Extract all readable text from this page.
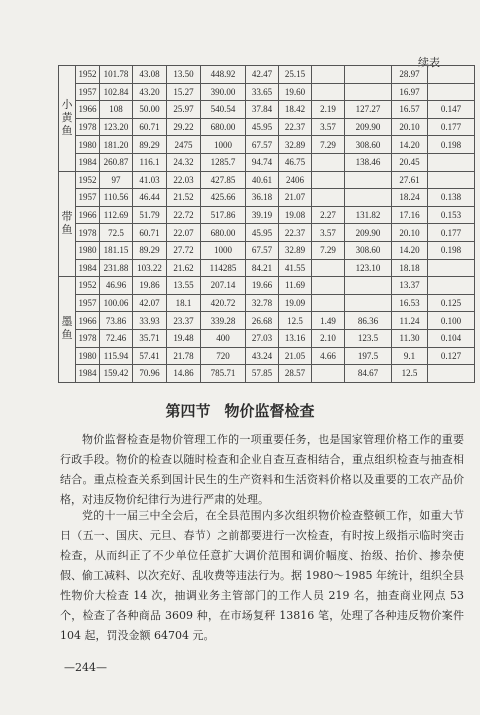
续表
小黄鱼	1952	101.78	43.08	13.50	448.92	42.47	25.15			28.97	
	1957	102.84	43.20	15.27	390.00	33.65	19.60			16.97	
	1966	108	50.00	25.97	540.54	37.84	18.42	2.19	127.27	16.57	0.147
	1978	123.20	60.71	29.22	680.00	45.95	22.37	3.57	209.90	20.10	0.177
	1980	181.20	89.29	2475	1000	67.57	32.89	7.29	308.60	14.20	0.198
	1984	260.87	116.1	24.32	1285.7	94.74	46.75		138.46	20.45	
带鱼	1952	97	41.03	22.03	427.85	40.61	2406			27.61	
	1957	110.56	46.44	21.52	425.66	36.18	21.07			18.24	0.138
	1966	112.69	51.79	22.72	517.86	39.19	19.08	2.27	131.82	17.16	0.153
	1978	72.5	60.71	22.07	680.00	45.95	22.37	3.57	209.90	20.10	0.177
	1980	181.15	89.29	27.72	1000	67.57	32.89	7.29	308.60	14.20	0.198
	1984	231.88	103.22	21.62	114285	84.21	41.55		123.10	18.18	
墨鱼	1952	46.96	19.86	13.55	207.14	19.66	11.69			13.37	
	1957	100.06	42.07	18.1	420.72	32.78	19.09			16.53	0.125
	1966	73.86	33.93	23.37	339.28	26.68	12.5	1.49	86.36	11.24	0.100
	1978	72.46	35.71	19.48	400	27.03	13.16	2.10	123.5	11.30	0.104
	1980	115.94	57.41	21.78	720	43.24	21.05	4.66	197.5	9.1	0.127
	1984	159.42	70.96	14.86	785.71	57.85	28.57		84.67	12.5	
第四节 物价监督检查

物价监督检查是物价管理工作的一项重要任务，也是国家管理价格工作的重要行政手段。物价的检查以随时检查和企业自查互查相结合，重点组织检查与抽查相结合。重点检查关系到国计民生的生产资料和生活资料价格以及重要的工农产品价格，对违反物价纪律行为进行严肃的处理。

党的十一届三中全会后，在全县范围内多次组织物价检查整顿工作，如重大节日（五一、国庆、元旦、春节）之前都要进行一次检查，有时按上级指示临时突击检查，从而纠正了不少单位任意扩大调价范围和调价幅度、抬级、抬价、掺杂使假、偷工减料、以次充好、乱收费等违法行为。据 1980～1985 年统计，组织全县性物价大检查 14 次，抽调业务主管部门的工作人员 219 名，抽查商业网点 53 个，检查了各种商品 3609 种，在市场复秤 13816 笔，处理了各种违反物价案件 104 起，罚没金额 64704 元。

—244—
